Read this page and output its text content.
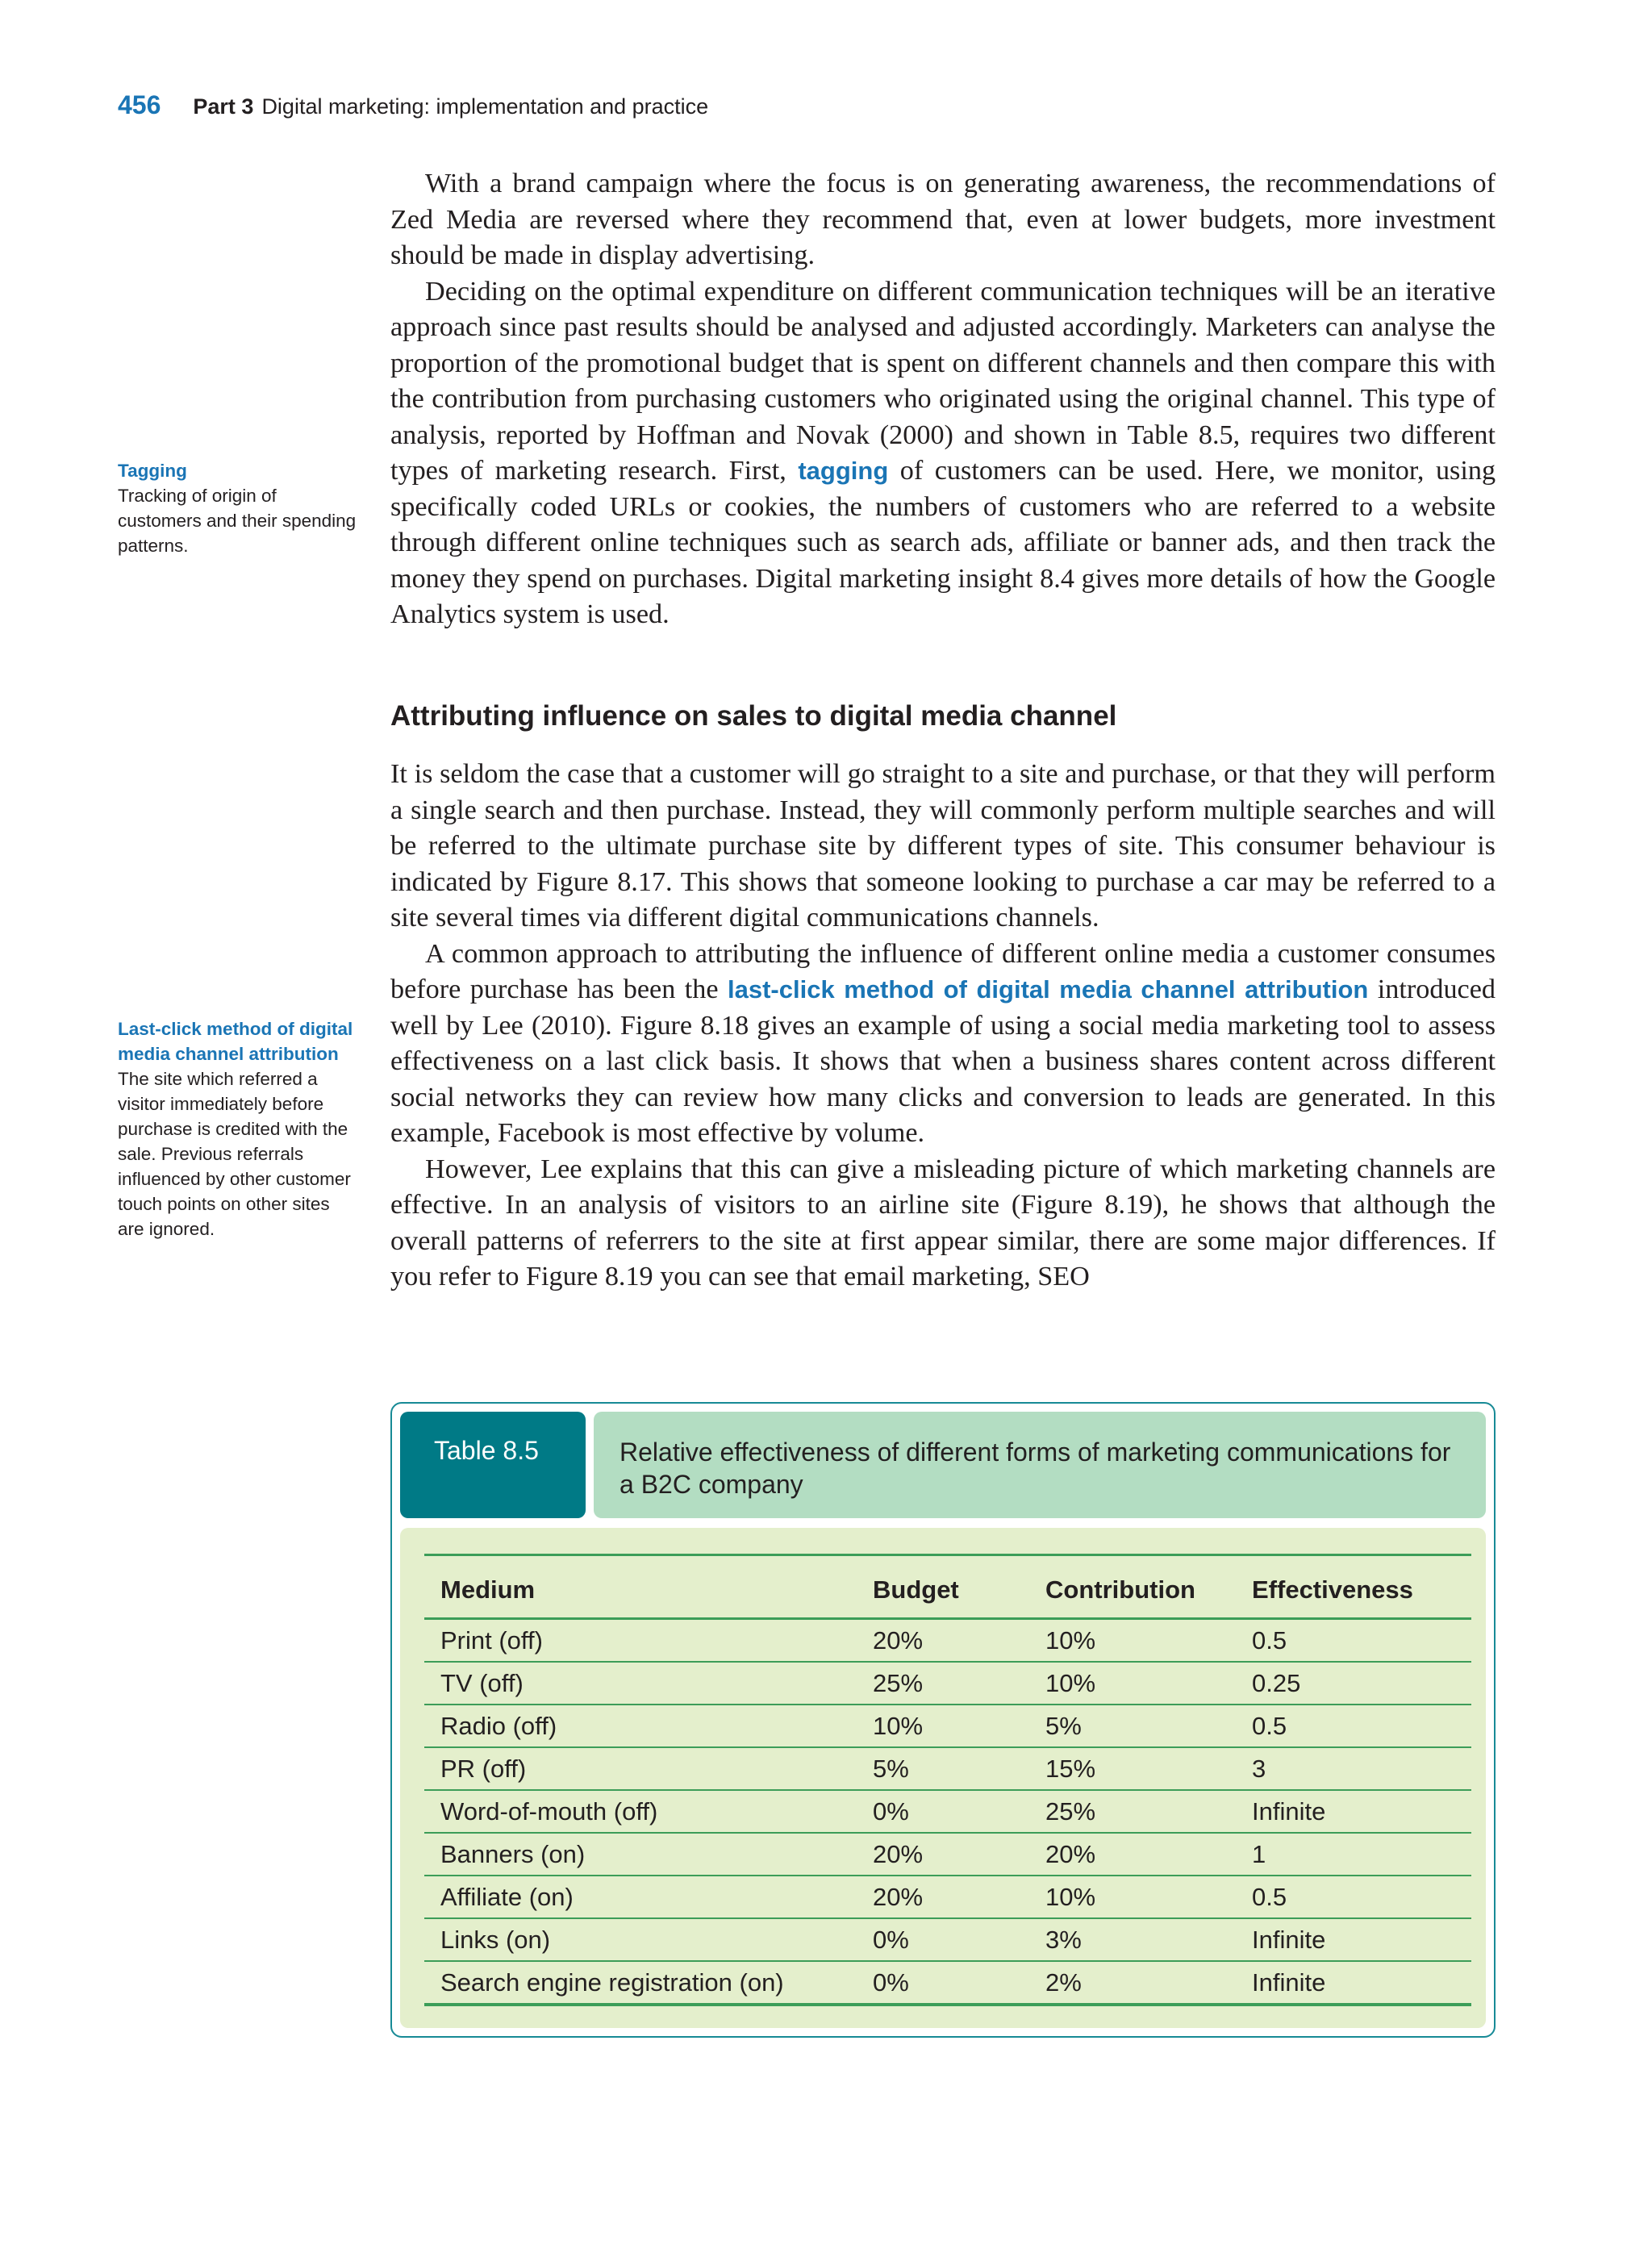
456 Part 3 Digital marketing: implementation and practice
Tagging
Tracking of origin of customers and their spending patterns.
Last-click method of digital media channel attribution
The site which referred a visitor immediately before purchase is credited with the sale. Previous referrals influenced by other customer touch points on other sites are ignored.

With a brand campaign where the focus is on generating awareness, the recommendations of Zed Media are reversed where they recommend that, even at lower budgets, more investment should be made in display advertising.

Deciding on the optimal expenditure on different communication techniques will be an iterative approach since past results should be analysed and adjusted accordingly. Marketers can analyse the proportion of the promotional budget that is spent on different channels and then compare this with the contribution from purchasing customers who originated using the original channel. This type of analysis, reported by Hoffman and Novak (2000) and shown in Table 8.5, requires two different types of marketing research. First, tagging of customers can be used. Here, we monitor, using specifically coded URLs or cookies, the numbers of customers who are referred to a website through different online techniques such as search ads, affiliate or banner ads, and then track the money they spend on purchases. Digital marketing insight 8.4 gives more details of how the Google Analytics system is used.

Attributing influence on sales to digital media channel

It is seldom the case that a customer will go straight to a site and purchase, or that they will perform a single search and then purchase. Instead, they will commonly perform multiple searches and will be referred to the ultimate purchase site by different types of site. This consumer behaviour is indicated by Figure 8.17. This shows that someone looking to purchase a car may be referred to a site several times via different digital communications channels.

A common approach to attributing the influence of different online media a customer consumes before purchase has been the last-click method of digital media channel attribution introduced well by Lee (2010). Figure 8.18 gives an example of using a social media marketing tool to assess effectiveness on a last click basis. It shows that when a business shares content across different social networks they can review how many clicks and conversion to leads are generated. In this example, Facebook is most effective by volume.

However, Lee explains that this can give a misleading picture of which marketing channels are effective. In an analysis of visitors to an airline site (Figure 8.19), he shows that although the overall patterns of referrers to the site at first appear similar, there are some major differences. If you refer to Figure 8.19 you can see that email marketing, SEO

Table 8.5	Relative effectiveness of different forms of marketing communications for a B2C company
Medium	Budget	Contribution	Effectiveness
Print (off)	20%	10%	0.5
TV (off)	25%	10%	0.25
Radio (off)	10%	5%	0.5
PR (off)	5%	15%	3
Word-of-mouth (off)	0%	25%	Infinite
Banners (on)	20%	20%	1
Affiliate (on)	20%	10%	0.5
Links (on)	0%	3%	Infinite
Search engine registration (on)	0%	2%	Infinite
